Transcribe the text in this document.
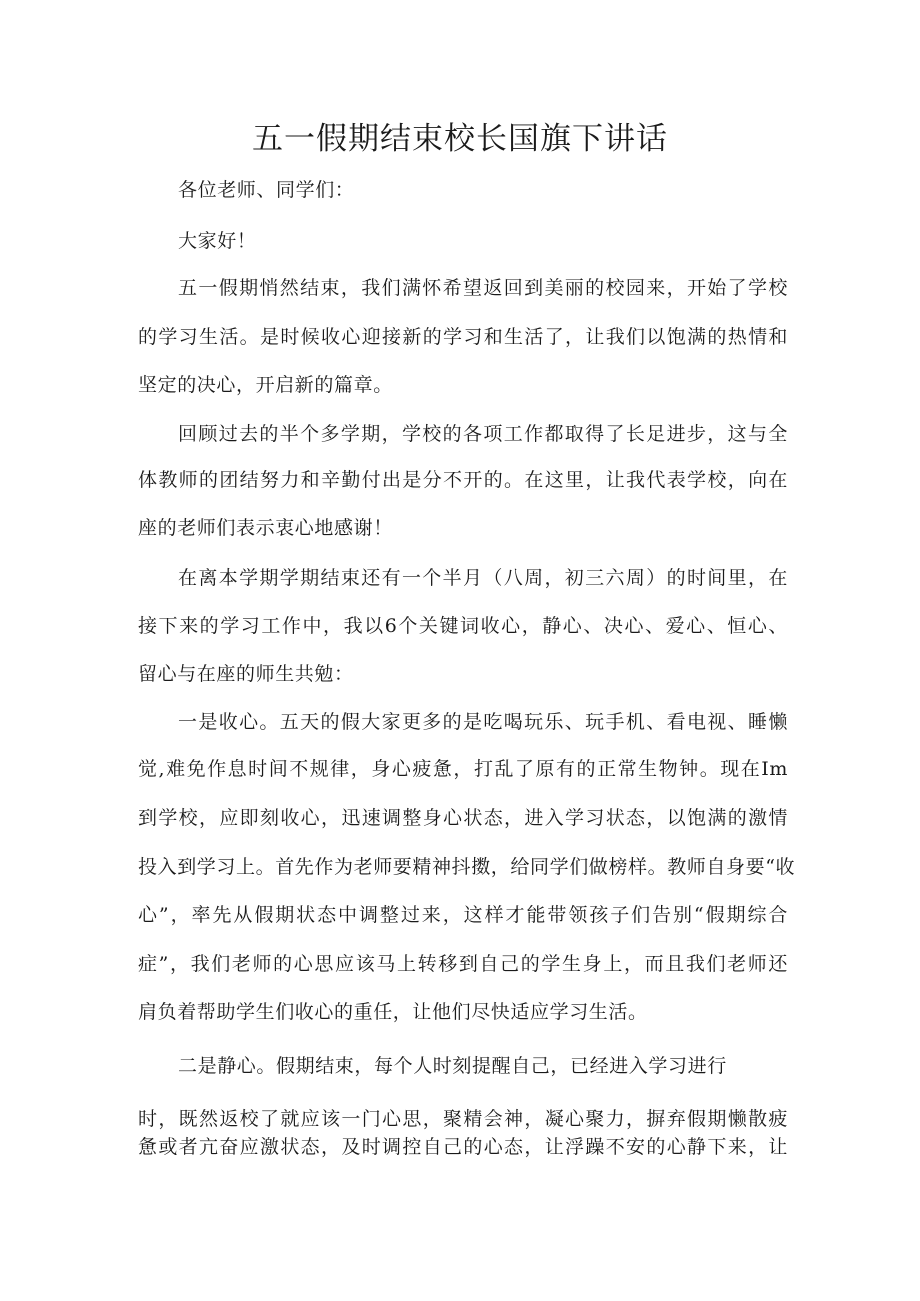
五一假期结束校长国旗下讲话
各位老师、同学们：
大家好！
五一假期悄然结束，我们满怀希望返回到美丽的校园来，开始了学校
的学习生活。是时候收心迎接新的学习和生活了，让我们以饱满的热情和
坚定的决心，开启新的篇章。
回顾过去的半个多学期，学校的各项工作都取得了长足进步，这与全
体教师的团结努力和辛勤付出是分不开的。在这里，让我代表学校，向在
座的老师们表示衷心地感谢！
在离本学期学期结束还有一个半月（八周，初三六周）的时间里，在
接下来的学习工作中，我以6个关键词收心，静心、决心、爱心、恒心、
留心与在座的师生共勉：
一是收心。五天的假大家更多的是吃喝玩乐、玩手机、看电视、睡懒
觉,难免作息时间不规律，身心疲惫，打乱了原有的正常生物钟。现在Im
到学校，应即刻收心，迅速调整身心状态，进入学习状态，以饱满的激情
投入到学习上。首先作为老师要精神抖擞，给同学们做榜样。教师自身要“收
心”，率先从假期状态中调整过来，这样才能带领孩子们告别“假期综合
症”，我们老师的心思应该马上转移到自己的学生身上，而且我们老师还
肩负着帮助学生们收心的重任，让他们尽快适应学习生活。
二是静心。假期结束，每个人时刻提醒自己，已经进入学习进行
时，既然返校了就应该一门心思，聚精会神，凝心聚力，摒弃假期懒散疲
惫或者亢奋应激状态，及时调控自己的心态，让浮躁不安的心静下来，让
